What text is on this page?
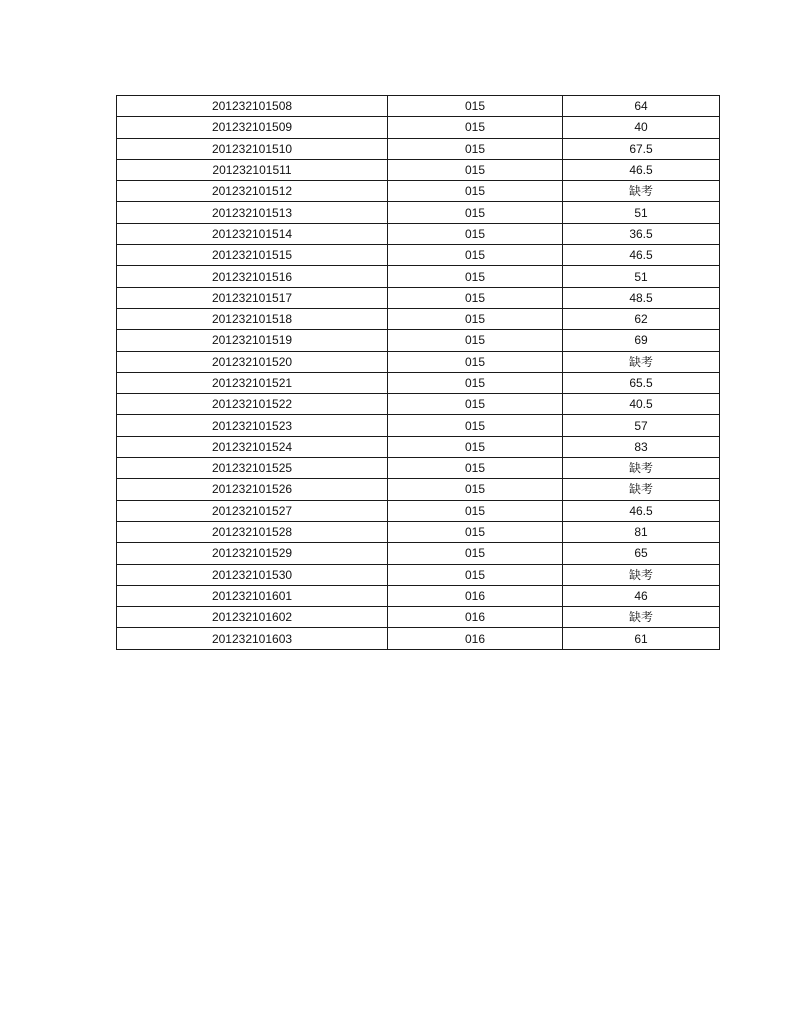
201232101508	015	64
201232101509	015	40
201232101510	015	67.5
201232101511	015	46.5
201232101512	015	缺考
201232101513	015	51
201232101514	015	36.5
201232101515	015	46.5
201232101516	015	51
201232101517	015	48.5
201232101518	015	62
201232101519	015	69
201232101520	015	缺考
201232101521	015	65.5
201232101522	015	40.5
201232101523	015	57
201232101524	015	83
201232101525	015	缺考
201232101526	015	缺考
201232101527	015	46.5
201232101528	015	81
201232101529	015	65
201232101530	015	缺考
201232101601	016	46
201232101602	016	缺考
201232101603	016	61
